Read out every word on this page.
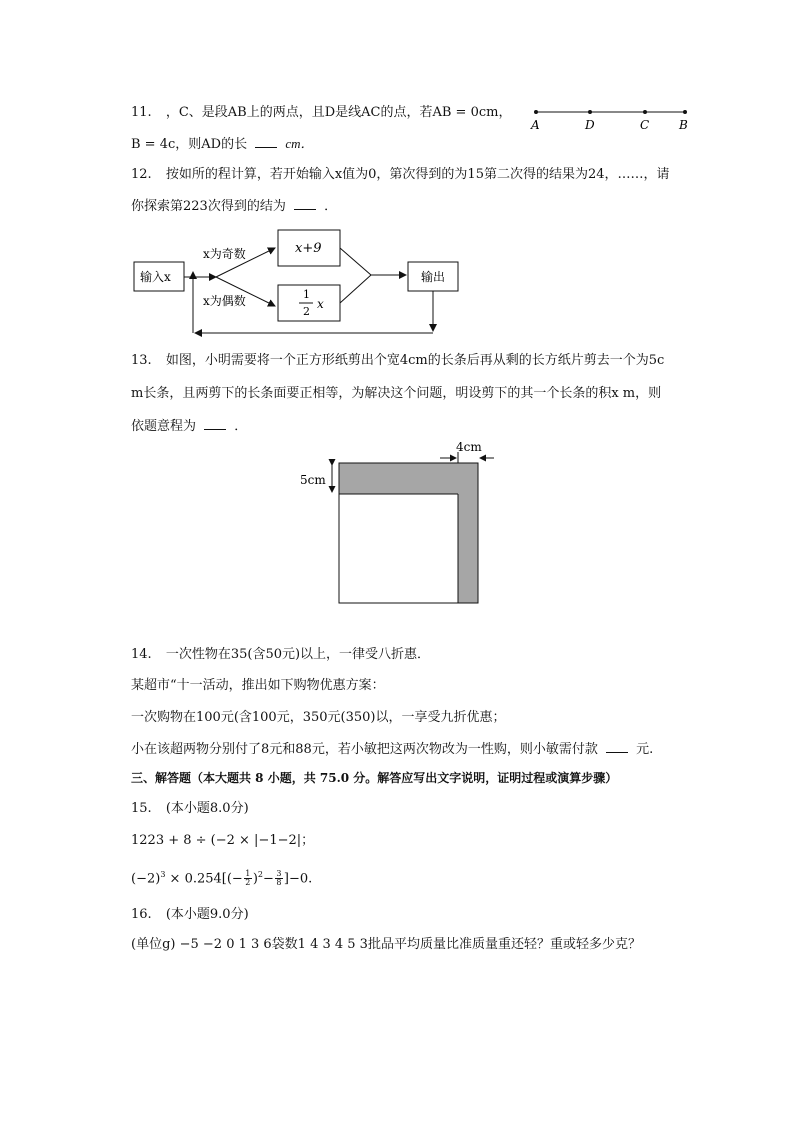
11. ，C、是段AB上的两点，且D是线AC的点，若AB = 0cm，
B = 4c，则AD的长	cm．
A	D	C B
12. 按如所的程计算，若开始输入x值为0，第次得到的为15第二次得的结果为24，……，请
你探索第223次得到的结为	．
输入x
x为奇数
x为偶数
x+9
1
2
x
输出
13. 如图，小明需要将一个正方形纸剪出个宽4cm的长条后再从剩的长方纸片剪去一个为5c
m长条，且两剪下的长条面要正相等，为解决这个问题，明设剪下的其一个长条的积x m，则
依题意程为	．
4cm
5cm
14. 一次性物在35(含50元)以上，一律受八折惠．
某超市“十一活动，推出如下购物优惠方案：
一次购物在100元(含100元，350元(350)以，一享受九折优惠；
小在该超两物分别付了8元和88元，若小敏把这两次物改为一性购，则小敏需付款	元.
三、解答题（本大题共 8 小题，共 75.0 分。解答应写出文字说明，证明过程或演算步骤）
15. (本小题8.0分)
1223 + 8 ÷ (−2 × |−1−2|；
$(-2)^3 \times 0.254[(- \frac{1}{2} )^2- \frac{3}{8} ]-0$.
16. (本小题9.0分)
(单位g) −5 −2 0 1 3 6袋数1 4 3 4 5 3批品平均质量比准质量重还轻？重或轻多少克？
